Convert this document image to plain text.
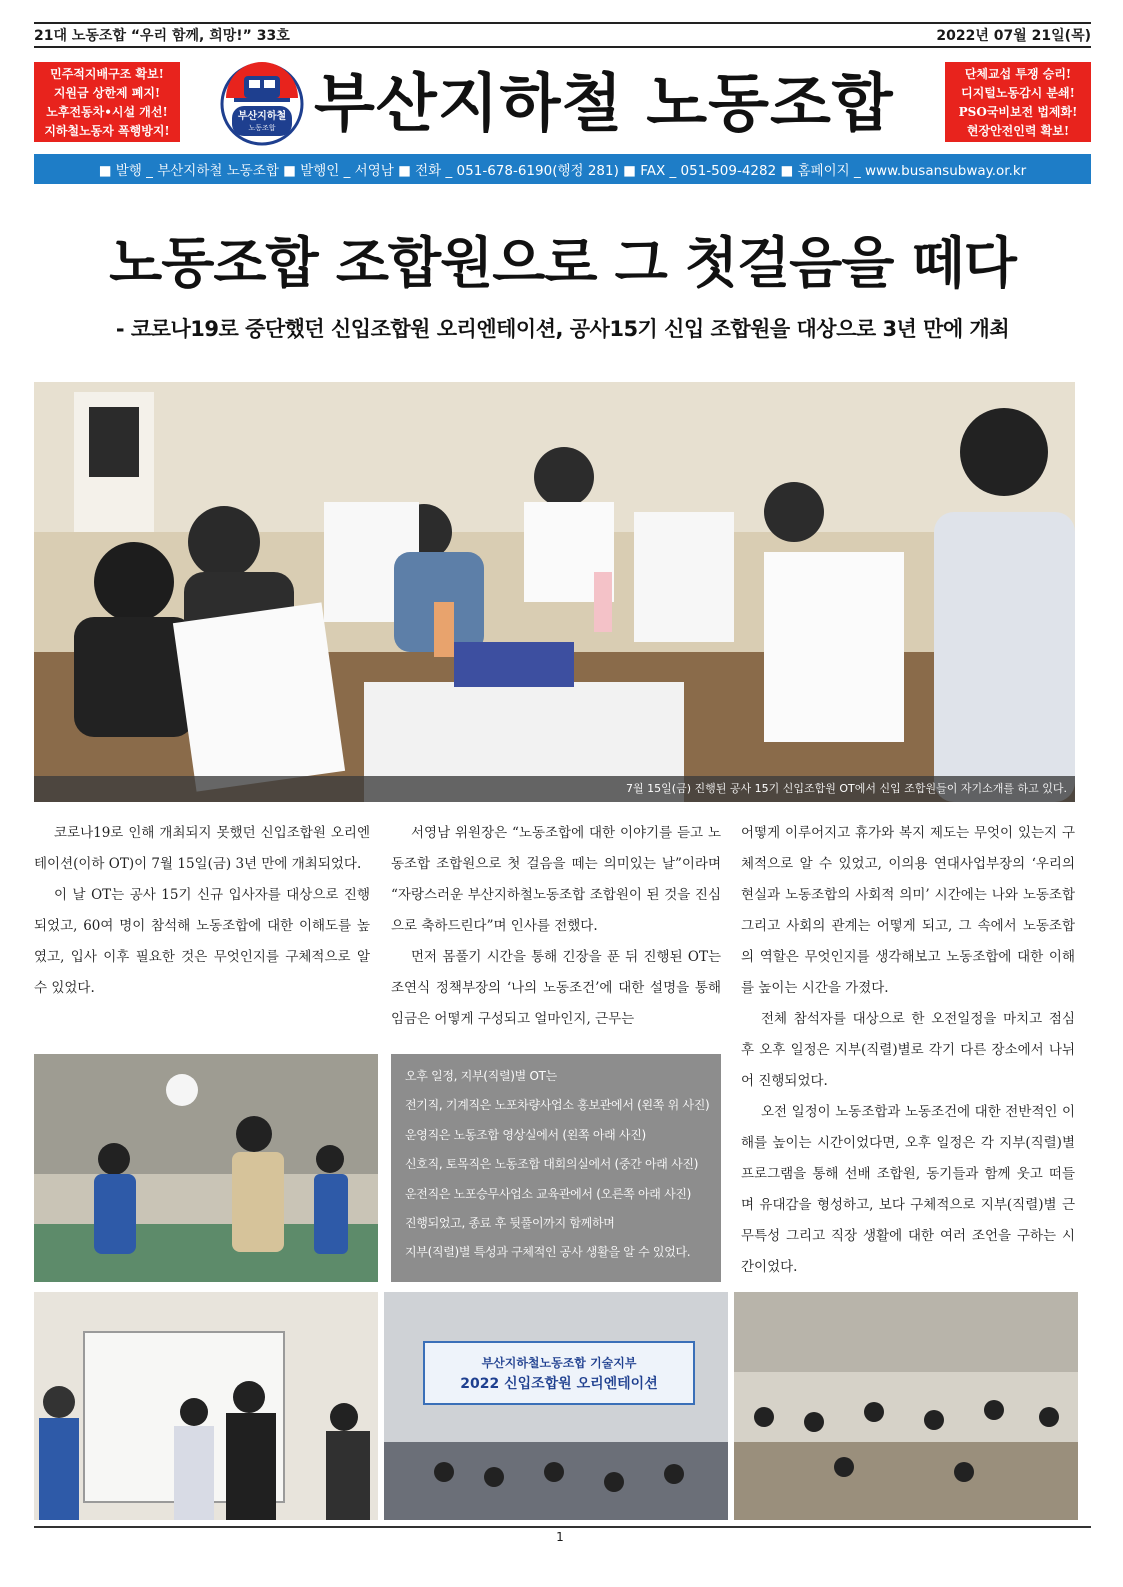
21대 노동조합 “우리 함께, 희망!” 33호	2022년 07월 21일(목)
민주적지배구조 확보!
지원금 상한제 폐지!
노후전동차•시설 개선!
지하철노동자 폭행방지!
단체교섭 투쟁 승리!
디지털노동감시 분쇄!
PSO국비보전 법제화!
현장안전인력 확보!
부산지하철
노동조합 부산지하철 노동조합
■ 발행 _ 부산지하철 노동조합 ■ 발행인 _ 서영남 ■ 전화 _ 051-678-6190(행정 281) ■ FAX _ 051-509-4282 ■ 홈페이지 _ www.busansubway.or.kr
노동조합 조합원으로 그 첫걸음을 떼다
- 코로나19로 중단했던 신입조합원 오리엔테이션, 공사15기 신입 조합원을 대상으로 3년 만에 개최
7월 15일(금) 진행된 공사 15기 신입조합원 OT에서 신입 조합원들이 자기소개를 하고 있다.

코로나19로 인해 개최되지 못했던 신입조합원 오리엔테이션(이하 OT)이 7월 15일(금) 3년 만에 개최되었다.

이 날 OT는 공사 15기 신규 입사자를 대상으로 진행되었고, 60여 명이 참석해 노동조합에 대한 이해도를 높였고, 입사 이후 필요한 것은 무엇인지를 구체적으로 알 수 있었다.

서영남 위원장은 “노동조합에 대한 이야기를 듣고 노동조합 조합원으로 첫 걸음을 떼는 의미있는 날”이라며 “자랑스러운 부산지하철노동조합 조합원이 된 것을 진심으로 축하드린다”며 인사를 전했다.

먼저 몸풀기 시간을 통해 긴장을 푼 뒤 진행된 OT는 조연식 정책부장의 ‘나의 노동조건’에 대한 설명을 통해 임금은 어떻게 구성되고 얼마인지, 근무는

어떻게 이루어지고 휴가와 복지 제도는 무엇이 있는지 구체적으로 알 수 있었고, 이의용 연대사업부장의 ‘우리의 현실과 노동조합의 사회적 의미’ 시간에는 나와 노동조합 그리고 사회의 관계는 어떻게 되고, 그 속에서 노동조합의 역할은 무엇인지를 생각해보고 노동조합에 대한 이해를 높이는 시간을 가졌다.

전체 참석자를 대상으로 한 오전일정을 마치고 점심 후 오후 일정은 지부(직렬)별로 각기 다른 장소에서 나뉘어 진행되었다.

오전 일정이 노동조합과 노동조건에 대한 전반적인 이해를 높이는 시간이었다면, 오후 일정은 각 지부(직렬)별 프로그램을 통해 선배 조합원, 동기들과 함께 웃고 떠들며 유대감을 형성하고, 보다 구체적으로 지부(직렬)별 근무특성 그리고 직장 생활에 대한 여러 조언을 구하는 시간이었다.

오후 일정, 지부(직렬)별 OT는
전기직, 기계직은 노포차량사업소 홍보관에서 (왼쪽 위 사진)
운영직은 노동조합 영상실에서 (왼쪽 아래 사진)
신호직, 토목직은 노동조합 대회의실에서 (중간 아래 사진)
운전직은 노포승무사업소 교육관에서 (오른쪽 아래 사진)
진행되었고, 종료 후 뒷풀이까지 함께하며
지부(직렬)별 특성과 구체적인 공사 생활을 알 수 있었다.
부산지하철노동조합 기술지부
2022 신입조합원 오리엔테이션
1
